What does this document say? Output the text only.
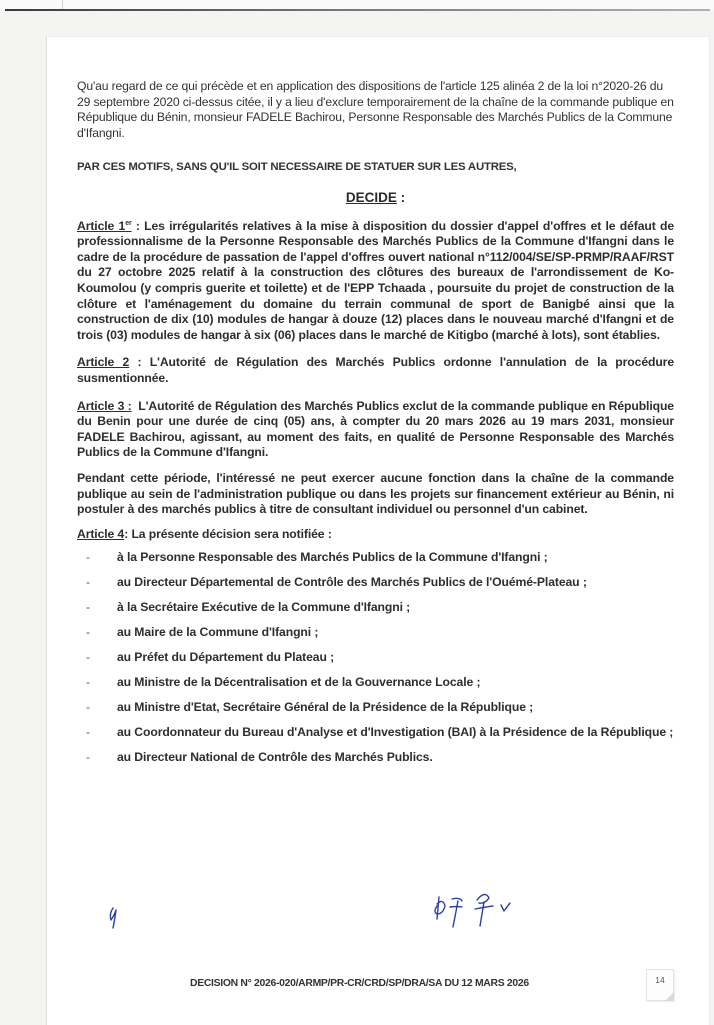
Qu'au regard de ce qui précède et en application des dispositions de l'article 125 alinéa 2 de la loi n°2020-26 du 29 septembre 2020 ci-dessus citée, il y a lieu d'exclure temporairement de la chaîne de la commande publique en République du Bénin, monsieur FADELE Bachirou, Personne Responsable des Marchés Publics de la Commune d'Ifangni.

PAR CES MOTIFS, SANS QU'IL SOIT NECESSAIRE DE STATUER SUR LES AUTRES,

DECIDE :

Article 1er : Les irrégularités relatives à la mise à disposition du dossier d'appel d'offres et le défaut de professionnalisme de la Personne Responsable des Marchés Publics de la Commune d'Ifangni dans le cadre de la procédure de passation de l'appel d'offres ouvert national n°112/004/SE/SP-PRMP/RAAF/RST du 27 octobre 2025 relatif à la construction des clôtures des bureaux de l'arrondissement de Ko-Koumolou (y compris guerite et toilette) et de l'EPP Tchaada , poursuite du projet de construction de la clôture et l'aménagement du domaine du terrain communal de sport de Banigbé ainsi que la construction de dix (10) modules de hangar à douze (12) places dans le nouveau marché d'Ifangni et de trois (03) modules de hangar à six (06) places dans le marché de Kitigbo (marché à lots), sont établies.

Article 2 : L'Autorité de Régulation des Marchés Publics ordonne l'annulation de la procédure susmentionnée.

Article 3 : L'Autorité de Régulation des Marchés Publics exclut de la commande publique en République du Benin pour une durée de cinq (05) ans, à compter du 20 mars 2026 au 19 mars 2031, monsieur FADELE Bachirou, agissant, au moment des faits, en qualité de Personne Responsable des Marchés Publics de la Commune d'Ifangni.

Pendant cette période, l'intéressé ne peut exercer aucune fonction dans la chaîne de la commande publique au sein de l'administration publique ou dans les projets sur financement extérieur au Bénin, ni postuler à des marchés publics à titre de consultant individuel ou personnel d'un cabinet.

Article 4: La présente décision sera notifiée :

- à la Personne Responsable des Marchés Publics de la Commune d'Ifangni ;
- au Directeur Départemental de Contrôle des Marchés Publics de l'Ouémé-Plateau ;
- à la Secrétaire Exécutive de la Commune d'Ifangni ;
- au Maire de la Commune d'Ifangni ;
- au Préfet du Département du Plateau ;
- au Ministre de la Décentralisation et de la Gouvernance Locale ;
- au Ministre d'Etat, Secrétaire Général de la Présidence de la République ;
- au Coordonnateur du Bureau d'Analyse et d'Investigation (BAI) à la Présidence de la République ;
- au Directeur National de Contrôle des Marchés Publics.
DECISION N° 2026-020/ARMP/PR-CR/CRD/SP/DRA/SA DU 12 MARS 2026	14
